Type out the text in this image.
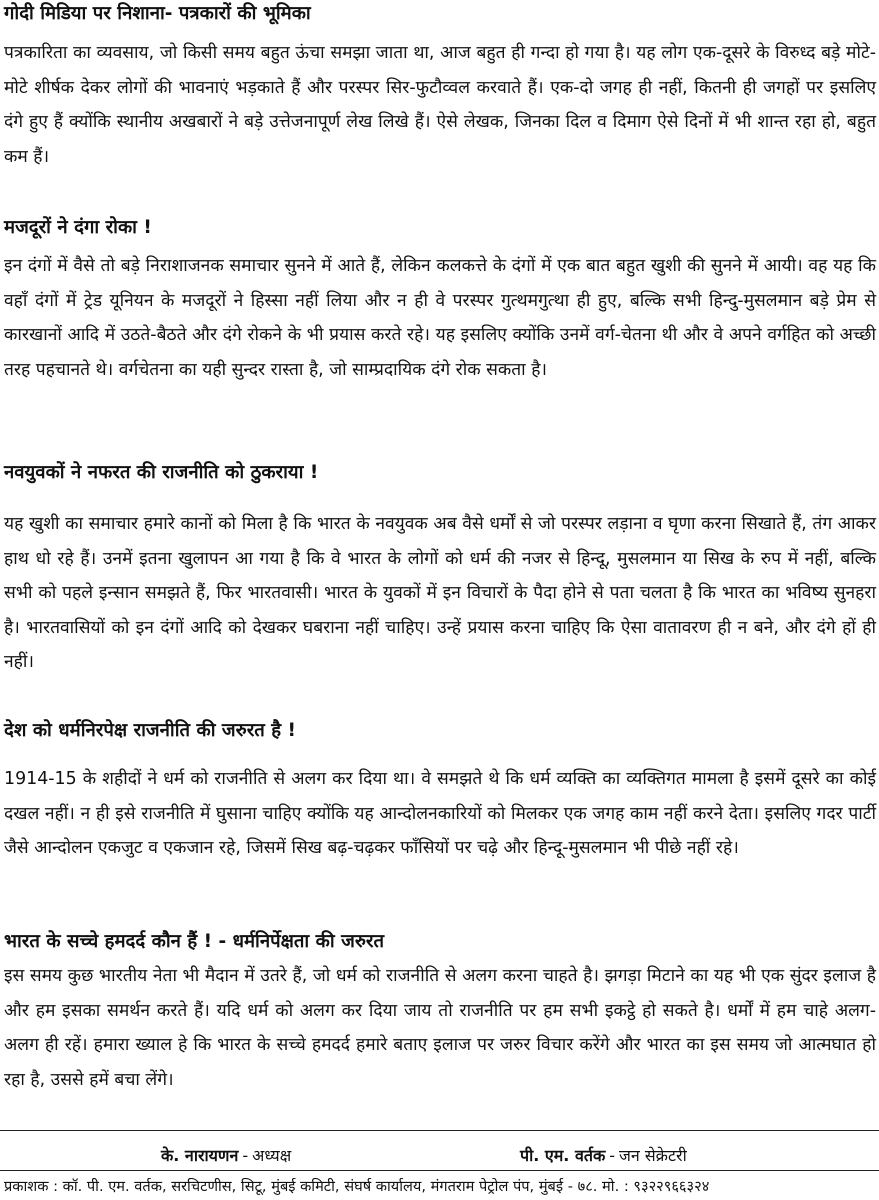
गोदी मिडिया पर निशाना- पत्रकारों की भूमिका

पत्रकारिता का व्यवसाय, जो किसी समय बहुत ऊंचा समझा जाता था, आज बहुत ही गन्दा हो गया है। यह लोग एक-दूसरे के विरुध्द बड़े मोटे-मोटे शीर्षक देकर लोगों की भावनाएं भड़काते हैं और परस्पर सिर-फुटौव्वल करवाते हैं। एक-दो जगह ही नहीं, कितनी ही जगहों पर इसलिए दंगे हुए हैं क्योंकि स्थानीय अखबारों ने बड़े उत्तेजनापूर्ण लेख लिखे हैं। ऐसे लेखक, जिनका दिल व दिमाग ऐसे दिनों में भी शान्त रहा हो, बहुत कम हैं।

मजदूरों ने दंगा रोका !

इन दंगों में वैसे तो बड़े निराशाजनक समाचार सुनने में आते हैं, लेकिन कलकत्ते के दंगों में एक बात बहुत खुशी की सुनने में आयी। वह यह कि वहाँ दंगों में ट्रेड यूनियन के मजदूरों ने हिस्सा नहीं लिया और न ही वे परस्पर गुत्थमगुत्था ही हुए, बल्कि सभी हिन्दु-मुसलमान बड़े प्रेम से कारखानों आदि में उठते-बैठते और दंगे रोकने के भी प्रयास करते रहे। यह इसलिए क्योंकि उनमें वर्ग-चेतना थी और वे अपने वर्गहित को अच्छी तरह पहचानते थे। वर्गचेतना का यही सुन्दर रास्ता है, जो साम्प्रदायिक दंगे रोक सकता है।

नवयुवकों ने नफरत की राजनीति को ठुकराया !

यह खुशी का समाचार हमारे कानों को मिला है कि भारत के नवयुवक अब वैसे धर्मों से जो परस्पर लड़ाना व घृणा करना सिखाते हैं, तंग आकर हाथ धो रहे हैं। उनमें इतना खुलापन आ गया है कि वे भारत के लोगों को धर्म की नजर से हिन्दू, मुसलमान या सिख के रुप में नहीं, बल्कि सभी को पहले इन्सान समझते हैं, फिर भारतवासी। भारत के युवकों में इन विचारों के पैदा होने से पता चलता है कि भारत का भविष्य सुनहरा है। भारतवासियों को इन दंगों आदि को देखकर घबराना नहीं चाहिए। उन्हें प्रयास करना चाहिए कि ऐसा वातावरण ही न बने, और दंगे हों ही नहीं।

देश को धर्मनिरपेक्ष राजनीति की जरुरत है !

1914-15 के शहीदों ने धर्म को राजनीति से अलग कर दिया था। वे समझते थे कि धर्म व्यक्ति का व्यक्तिगत मामला है इसमें दूसरे का कोई दखल नहीं। न ही इसे राजनीति में घुसाना चाहिए क्योंकि यह आन्दोलनकारियों को मिलकर एक जगह काम नहीं करने देता। इसलिए गदर पार्टी जैसे आन्दोलन एकजुट व एकजान रहे, जिसमें सिख बढ़-चढ़कर फाँसियों पर चढ़े और हिन्दू-मुसलमान भी पीछे नहीं रहे।

भारत के सच्चे हमदर्द कौन हैं ! - धर्मनिर्पेक्षता की जरुरत

इस समय कुछ भारतीय नेता भी मैदान में उतरे हैं, जो धर्म को राजनीति से अलग करना चाहते है। झगड़ा मिटाने का यह भी एक सुंदर इलाज है और हम इसका समर्थन करते हैं। यदि धर्म को अलग कर दिया जाय तो राजनीति पर हम सभी इकट्ठे हो सकते है। धर्मों में हम चाहे अलग-अलग ही रहें। हमारा ख्याल हे कि भारत के सच्चे हमदर्द हमारे बताए इलाज पर जरुर विचार करेंगे और भारत का इस समय जो आत्मघात हो रहा है, उससे हमें बचा लेंगे।

के. नारायणन - अध्यक्ष	पी. एम. वर्तक - जन सेक्रेटरी
प्रकाशक : कॉ. पी. एम. वर्तक, सरचिटणीस, सिटू, मुंबई कमिटी, संघर्ष कार्यालय, मंगतराम पेट्रोल पंप, मुंबई - ७८. मो. : ९३२२९६६३२४
